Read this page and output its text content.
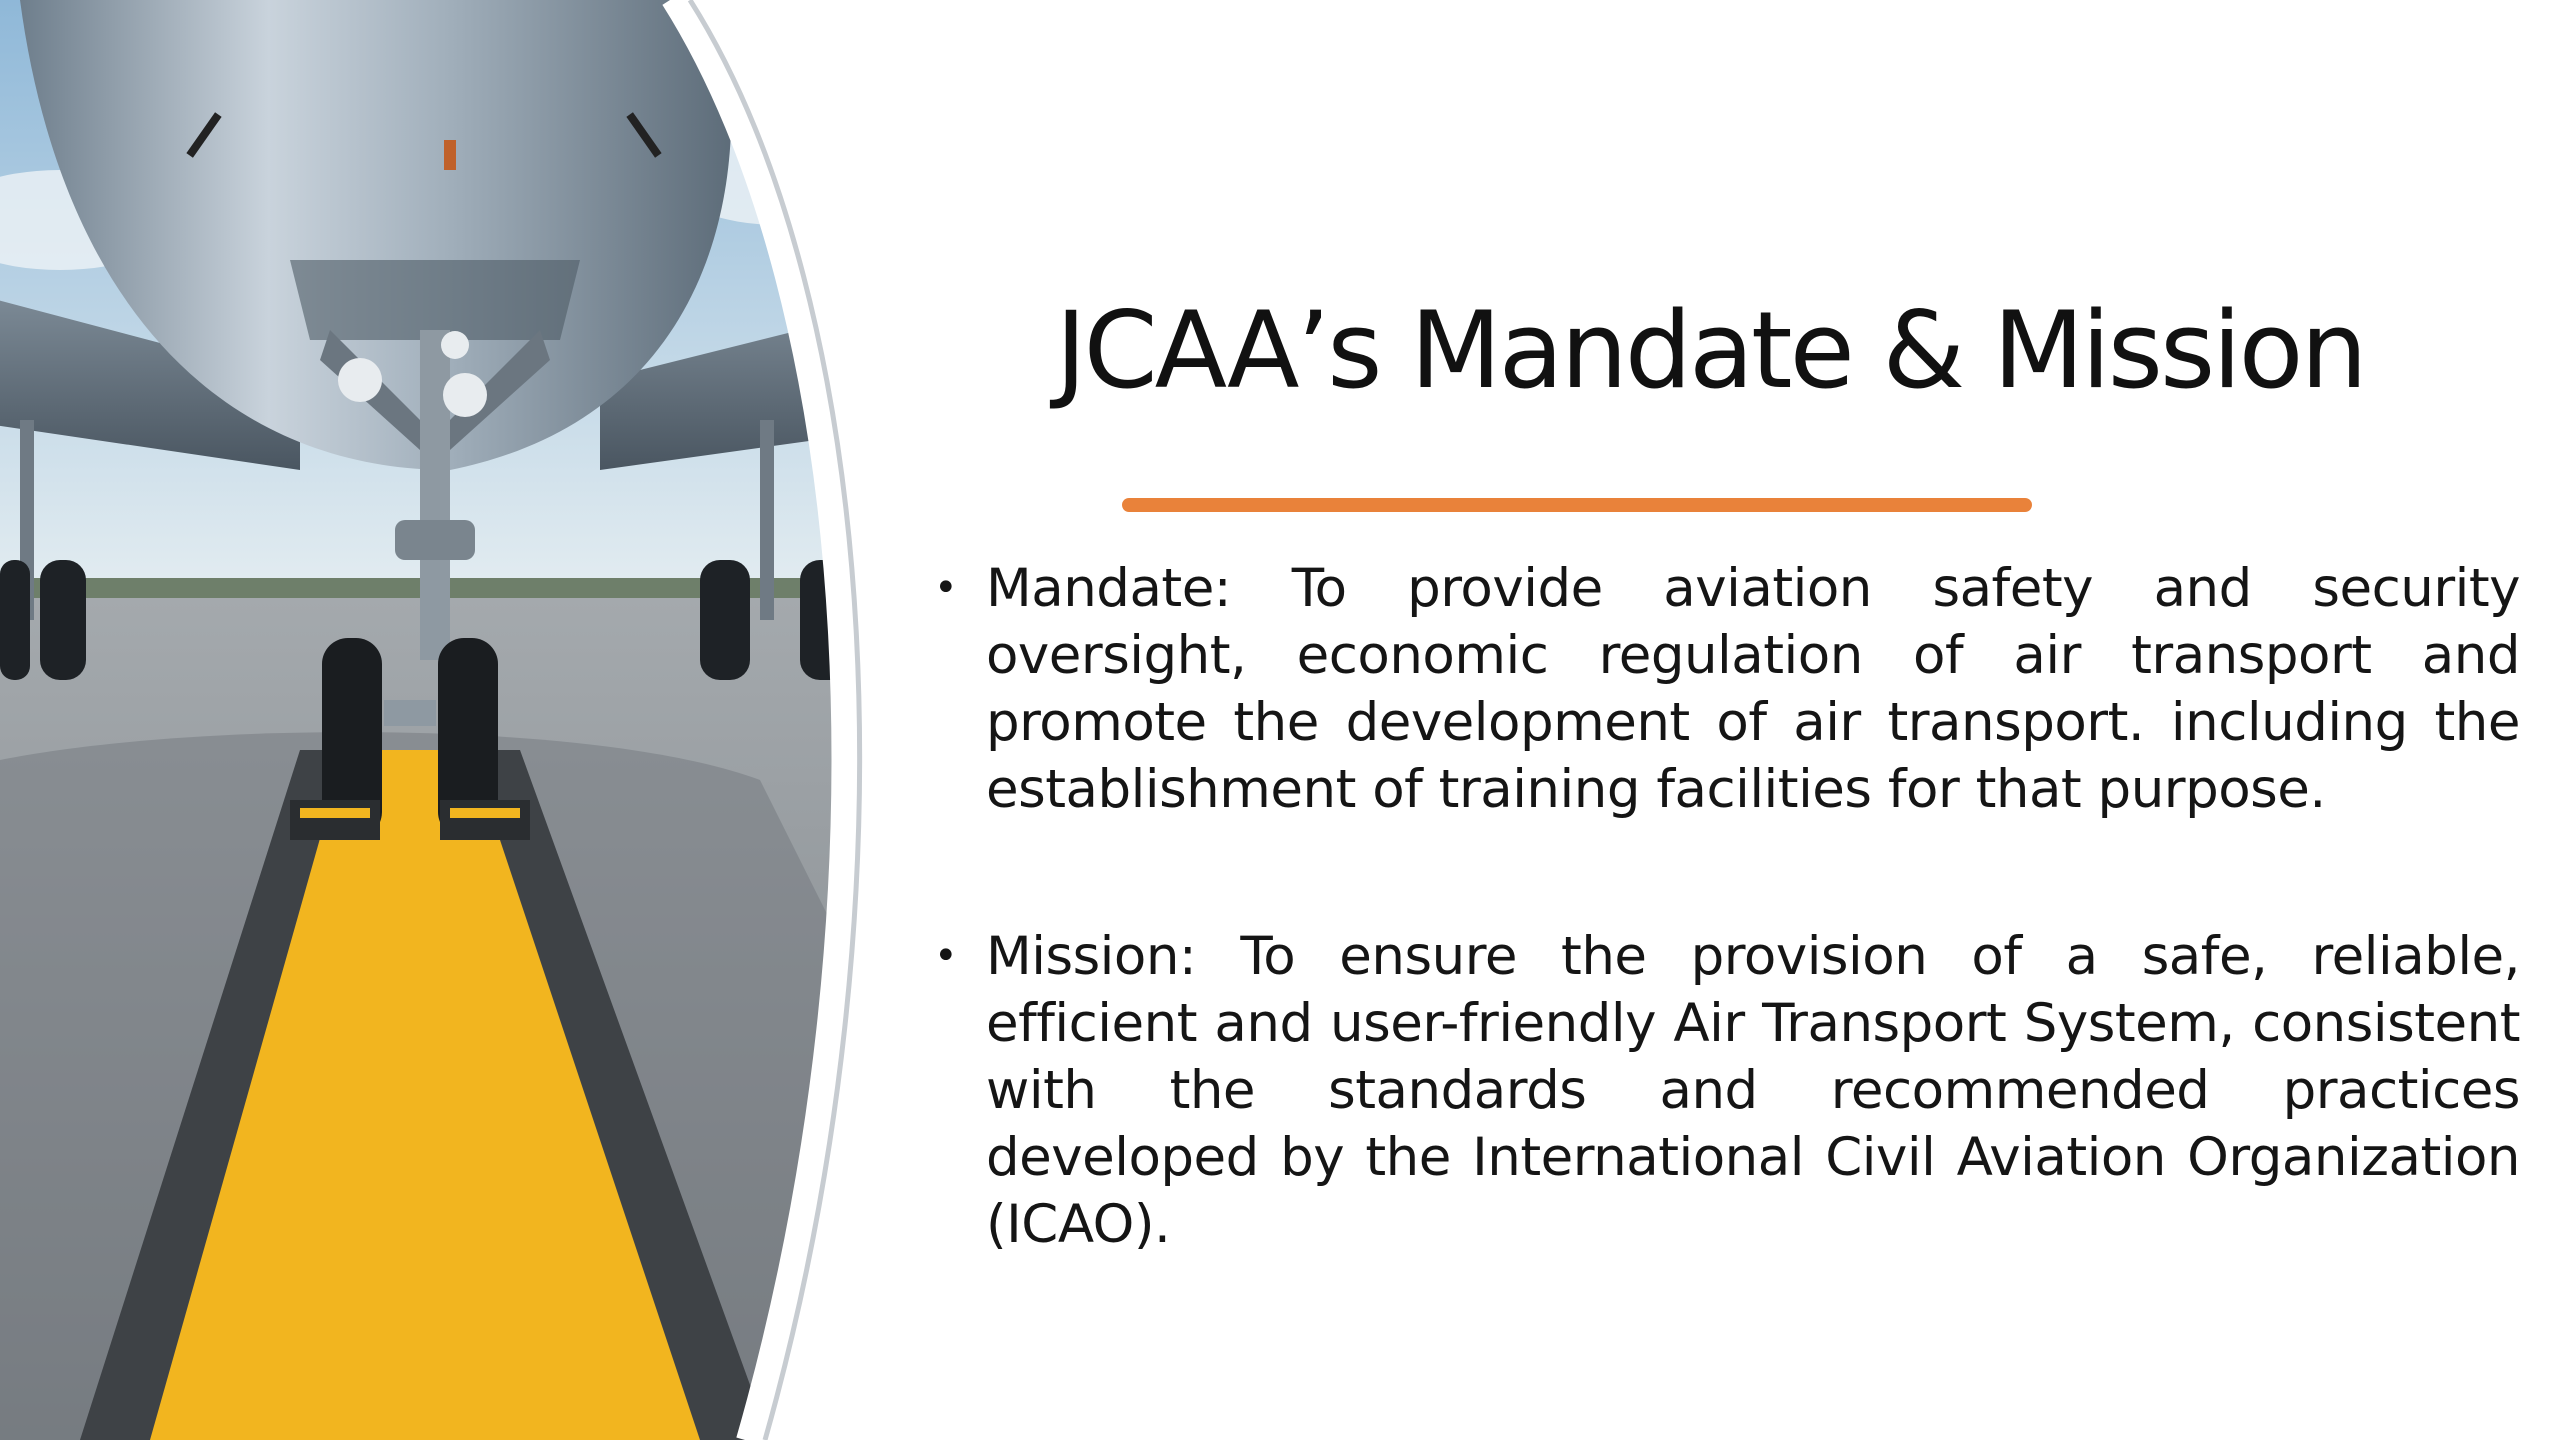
JCAA’s Mandate & Mission
• Mandate: To provide aviation safety and security oversight, economic regulation of air transport and promote the development of air transport. including the establishment of training facilities for that purpose.
• Mission: To ensure the provision of a safe, reliable, efficient and user-friendly Air Transport System, consistent with the standards and recommended practices developed by the International Civil Aviation Organization (ICAO).
